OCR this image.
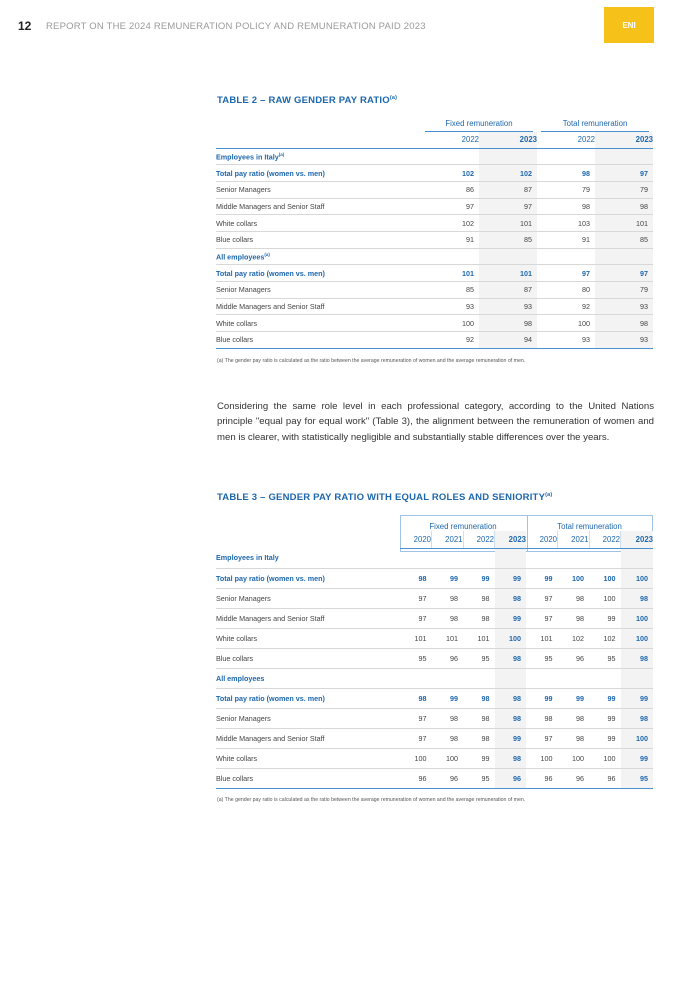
12 REPORT ON THE 2024 REMUNERATION POLICY AND REMUNERATION PAID 2023	ENI
TABLE 2 – RAW GENDER PAY RATIO$^{(a)}$

	Fixed remuneration		Total remuneration	

	2022	2023	2022	2023
Employees in Italy$^{(a)}$				
Total pay ratio (women vs. men)	102	102	98	97
Senior Managers	86	87	79	79
Middle Managers and Senior Staff	97	97	98	98
White collars	102	101	103	101
Blue collars	91	85	91	85
All employees$^{(a)}$				
Total pay ratio (women vs. men)	101	101	97	97
Senior Managers	85	87	80	79
Middle Managers and Senior Staff	93	93	92	93
White collars	100	98	100	98
Blue collars	92	94	93	93
(a) The gender pay ratio is calculated as the ratio between the average remuneration of women and the average remuneration of men.

Considering the same role level in each professional category, according to the United Nations principle "equal pay for equal work" (Table 3), the alignment between the remuneration of women and men is clearer, with statistically negligible and substantially stable differences over the years.

TABLE 3 – GENDER PAY RATIO WITH EQUAL ROLES AND SENIORITY$^{(a)}$
	Fixed remuneration				Total remuneration			
	2020	2021	2022	2023	2020	2021	2022	2023
Employees in Italy								
Total pay ratio (women vs. men)	98	99	99	99	99	100	100	100
Senior Managers	97	98	98	98	97	98	100	98
Middle Managers and Senior Staff	97	98	98	99	97	98	99	100
White collars	101	101	101	100	101	102	102	100
Blue collars	95	96	95	98	95	96	95	98
All employees								
Total pay ratio (women vs. men)	98	99	98	98	99	99	99	99
Senior Managers	97	98	98	98	98	98	99	98
Middle Managers and Senior Staff	97	98	98	99	97	98	99	100
White collars	100	100	99	98	100	100	100	99
Blue collars	96	96	95	96	96	96	96	95
(a) The gender pay ratio is calculated as the ratio between the average remuneration of women and the average remuneration of men.
